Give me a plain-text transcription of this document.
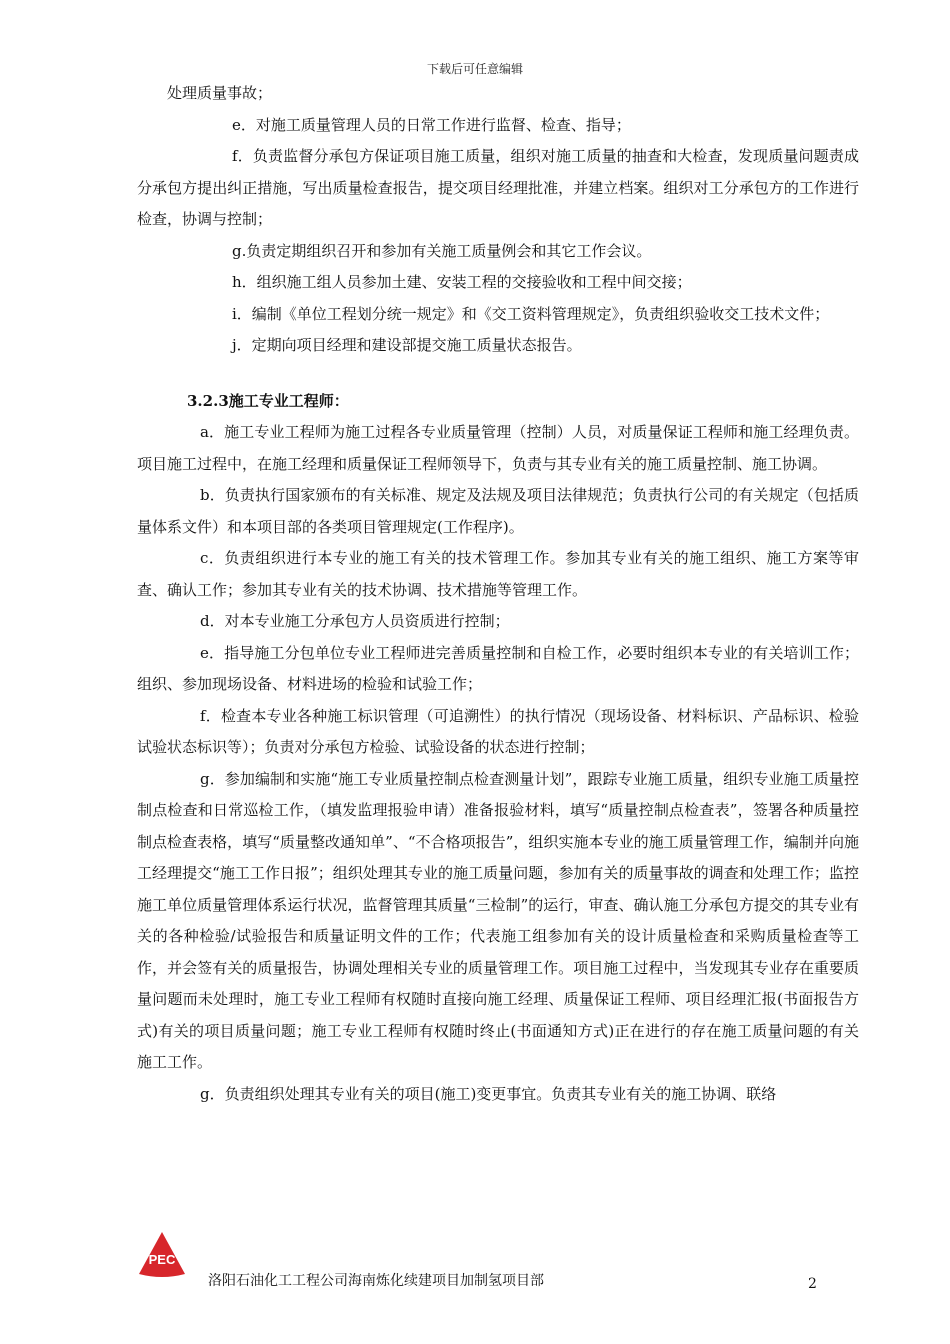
下载后可任意编辑

处理质量事故；

e．对施工质量管理人员的日常工作进行监督、检查、指导；

f．负责监督分承包方保证项目施工质量，组织对施工质量的抽查和大检查，发现质量问题责成分承包方提出纠正措施，写出质量检查报告，提交项目经理批准，并建立档案。组织对工分承包方的工作进行检查，协调与控制；

g.负责定期组织召开和参加有关施工质量例会和其它工作会议。

h．组织施工组人员参加土建、安装工程的交接验收和工程中间交接；

i．编制《单位工程划分统一规定》和《交工资料管理规定》，负责组织验收交工技术文件；

j．定期向项目经理和建设部提交施工质量状态报告。

3.2.3施工专业工程师：

a．施工专业工程师为施工过程各专业质量管理（控制）人员，对质量保证工程师和施工经理负责。项目施工过程中，在施工经理和质量保证工程师领导下，负责与其专业有关的施工质量控制、施工协调。

b．负责执行国家颁布的有关标准、规定及法规及项目法律规范；负责执行公司的有关规定（包括质量体系文件）和本项目部的各类项目管理规定(工作程序)。

c．负责组织进行本专业的施工有关的技术管理工作。参加其专业有关的施工组织、施工方案等审查、确认工作；参加其专业有关的技术协调、技术措施等管理工作。

d．对本专业施工分承包方人员资质进行控制；

e．指导施工分包单位专业工程师进完善质量控制和自检工作，必要时组织本专业的有关培训工作；组织、参加现场设备、材料进场的检验和试验工作；

f．检查本专业各种施工标识管理（可追溯性）的执行情况（现场设备、材料标识、产品标识、检验试验状态标识等）；负责对分承包方检验、试验设备的状态进行控制；

g．参加编制和实施“施工专业质量控制点检查测量计划”，跟踪专业施工质量，组织专业施工质量控制点检查和日常巡检工作，（填发监理报验申请）准备报验材料，填写“质量控制点检查表”，签署各种质量控制点检查表格，填写“质量整改通知单”、“不合格项报告”，组织实施本专业的施工质量管理工作，编制并向施工经理提交“施工工作日报”；组织处理其专业的施工质量问题，参加有关的质量事故的调查和处理工作；监控施工单位质量管理体系运行状况，监督管理其质量“三检制”的运行，审查、确认施工分承包方提交的其专业有关的各种检验/试验报告和质量证明文件的工作；代表施工组参加有关的设计质量检查和采购质量检查等工作，并会签有关的质量报告，协调处理相关专业的质量管理工作。项目施工过程中，当发现其专业存在重要质量问题而未处理时，施工专业工程师有权随时直接向施工经理、质量保证工程师、项目经理汇报(书面报告方式)有关的项目质量问题；施工专业工程师有权随时终止(书面通知方式)正在进行的存在施工质量问题的有关施工工作。

g．负责组织处理其专业有关的项目(施工)变更事宜。负责其专业有关的施工协调、联络

PEC
洛阳石油化工工程公司海南炼化续建项目加制氢项目部	2
